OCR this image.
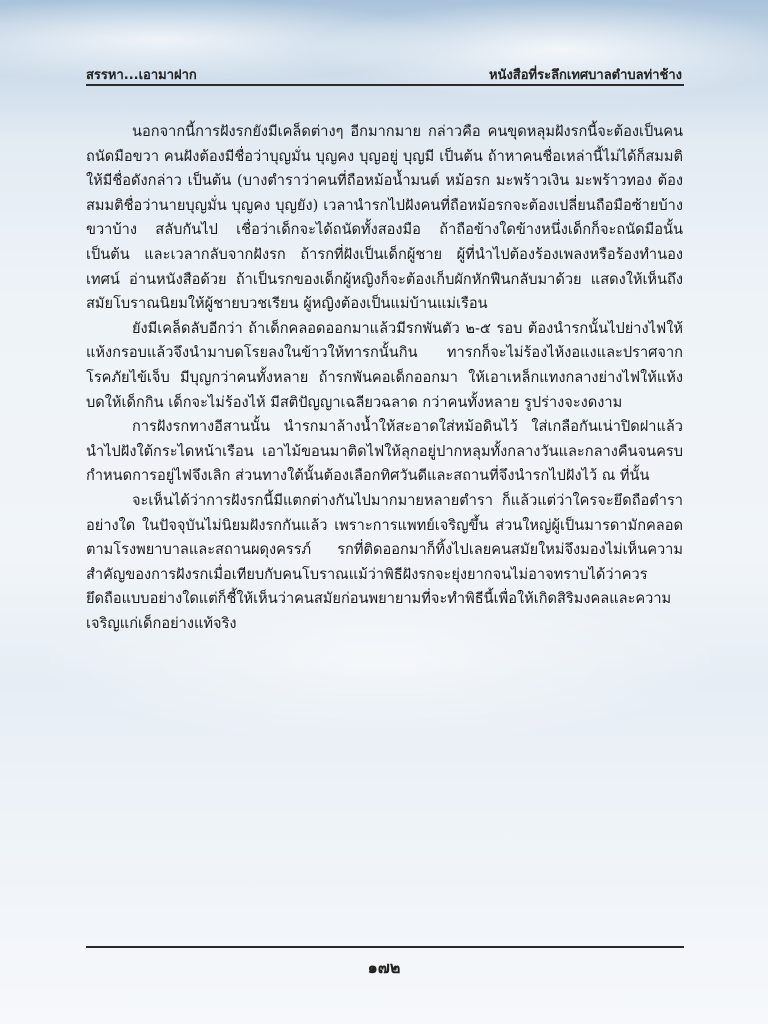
สรรหา...เอามาฝาก	หนังสือที่ระลึกเทศบาลตำบลท่าช้าง

นอกจากนี้การฝังรกยังมีเคล็ดต่างๆ อีกมากมาย กล่าวคือ คนขุดหลุมฝังรกนี้จะต้องเป็นคนถนัดมือขวา คนฝังต้องมีชื่อว่าบุญมั่น บุญคง บุญอยู่ บุญมี เป็นต้น ถ้าหาคนชื่อเหล่านี้ไม่ได้ก็สมมติให้มีชื่อดังกล่าว เป็นต้น (บางตำราว่าคนที่ถือหม้อน้ำมนต์ หม้อรก มะพร้าวเงิน มะพร้าวทอง ต้องสมมติชื่อว่านายบุญมั่น บุญคง บุญยัง) เวลานำรกไปฝังคนที่ถือหม้อรกจะต้องเปลี่ยนถือมือซ้ายบ้าง ขวาบ้าง สลับกันไป เชื่อว่าเด็กจะได้ถนัดทั้งสองมือ ถ้าถือข้างใดข้างหนึ่งเด็กก็จะถนัดมือนั้น เป็นต้น และเวลากลับจากฝังรก ถ้ารกที่ฝังเป็นเด็กผู้ชาย ผู้ที่นำไปต้องร้องเพลงหรือร้องทำนองเทศน์ อ่านหนังสือด้วย ถ้าเป็นรกของเด็กผู้หญิงก็จะต้องเก็บผักหักฟืนกลับมาด้วย แสดงให้เห็นถึงสมัยโบราณนิยมให้ผู้ชายบวชเรียน ผู้หญิงต้องเป็นแม่บ้านแม่เรือน

ยังมีเคล็ดลับอีกว่า ถ้าเด็กคลอดออกมาแล้วมีรกพันตัว ๒-๕ รอบ ต้องนำรกนั้นไปย่างไฟให้แห้งกรอบแล้วจึงนำมาบดโรยลงในข้าวให้ทารกนั้นกิน ทารกก็จะไม่ร้องไห้งอแงและปราศจากโรคภัยไข้เจ็บ มีบุญกว่าคนทั้งหลาย ถ้ารกพันคอเด็กออกมา ให้เอาเหล็กแทงกลางย่างไฟให้แห้งบดให้เด็กกิน เด็กจะไม่ร้องไห้ มีสติปัญญาเฉลียวฉลาด กว่าคนทั้งหลาย รูปร่างจะงดงาม

การฝังรกทางอีสานนั้น นำรกมาล้างน้ำให้สะอาดใส่หม้อดินไว้ ใส่เกลือกันเน่าปิดฝาแล้วนำไปฝังใต้กระไดหน้าเรือน เอาไม้ขอนมาติดไฟให้ลุกอยู่ปากหลุมทั้งกลางวันและกลางคืนจนครบกำหนดการอยู่ไฟจึงเลิก ส่วนทางใต้นั้นต้องเลือกทิศวันดีและสถานที่จึงนำรกไปฝังไว้ ณ ที่นั้น

จะเห็นได้ว่าการฝังรกนี้มีแตกต่างกันไปมากมายหลายตำรา ก็แล้วแต่ว่าใครจะยึดถือตำราอย่างใด ในปัจจุบันไม่นิยมฝังรกกันแล้ว เพราะการแพทย์เจริญขึ้น ส่วนใหญ่ผู้เป็นมารดามักคลอดตามโรงพยาบาลและสถานผดุงครรภ์ รกที่ติดออกมาก็ทิ้งไปเลยคนสมัยใหม่จึงมองไม่เห็นความสำคัญของการฝังรกเมื่อเทียบกับคนโบราณแม้ว่าพิธีฝังรกจะยุ่งยากจนไม่อาจทราบได้ว่าควรยึดถือแบบอย่างใดแต่ก็ชี้ให้เห็นว่าคนสมัยก่อนพยายามที่จะทำพิธีนี้เพื่อให้เกิดสิริมงคลและความเจริญแก่เด็กอย่างแท้จริง

๑๗๒
